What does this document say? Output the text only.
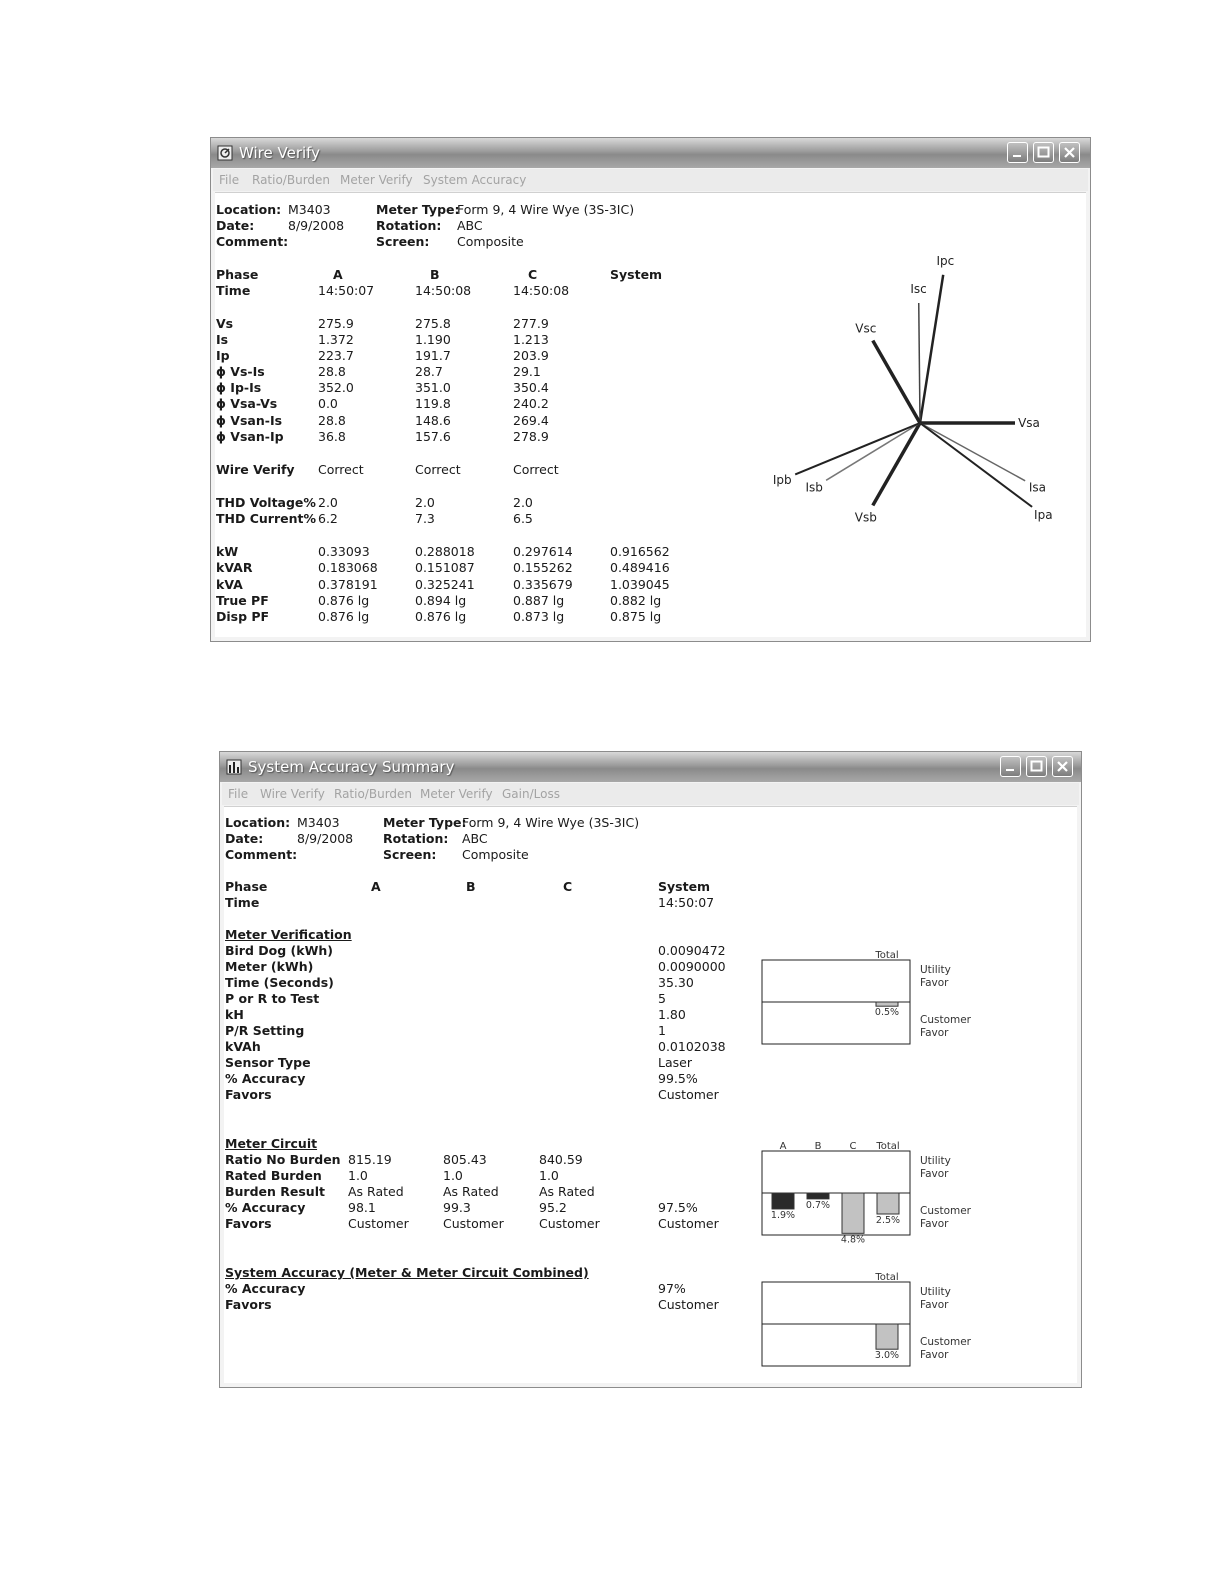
Wire Verify
File Ratio/Burden Meter Verify System Accuracy
Location: M3403
Date:	8/9/2008
Comment:
Meter Type:
Form 9, 4 Wire Wye (3S-3IC)
Rotation: ABC
Screen: Composite
Phase	A	B	C	System
Time	14:50:07	14:50:08	14:50:08
Vs	275.9	275.8	277.9
Is	1.372	1.190	1.213
Ip	223.7	191.7	203.9
ϕ Vs-Is	28.8	28.7	29.1
ϕ Ip-Is	352.0	351.0	350.4
ϕ Vsa-Vs	0.0	119.8	240.2
ϕ Vsan-Is	28.8	148.6	269.4
ϕ Vsan-Ip	36.8	157.6	278.9
Wire Verify Correct	Correct	Correct
THD Voltage% 2.0	2.0	2.0
THD Current% 6.2	7.3	6.5
kW	0.33093	0.288018	0.297614	0.916562
kVAR	0.183068	0.151087	0.155262	0.489416
kVA	0.378191	0.325241	0.335679	1.039045
True PF	0.876 lg	0.894 lg	0.887 lg	0.882 lg
Disp PF	0.876 lg	0.876 lg	0.873 lg	0.875 lg
Ipc
Isc
Vsc
Vsa
Isa
Ipa
Vsb
Isb
Ipb
System Accuracy Summary
File Wire Verify Ratio/Burden Meter Verify Gain/Loss
Location: M3403
Date:	8/9/2008
Comment:
Meter Type:
Form 9, 4 Wire Wye (3S-3IC)
Rotation: ABC
Screen: Composite
Phase	A	B	C	System
Time	14:50:07
Meter Verification
Bird Dog (kWh)	0.0090472
Meter (kWh)	0.0090000
Time (Seconds)	35.30
P or R to Test	5
kH	1.80
P/R Setting	1
kVAh	0.0102038
Sensor Type	Laser
% Accuracy	99.5%
Favors	Customer
Meter Circuit
Ratio No Burden 815.19	805.43	840.59
Rated Burden 1.0	1.0	1.0
Burden Result As Rated	As Rated	As Rated
% Accuracy	98.1	99.3	95.2	97.5%
Favors	Customer	Customer	Customer	Customer
System Accuracy (Meter & Meter Circuit Combined)
% Accuracy	97%
Favors	Customer
Total
0.5%
Utility
Favor
Customer
Favor
A
1.9%
B
0.7%
C
4.8%
Total
2.5%
Utility
Favor
Customer
Favor
Total
3.0%
Utility
Favor
Customer
Favor
